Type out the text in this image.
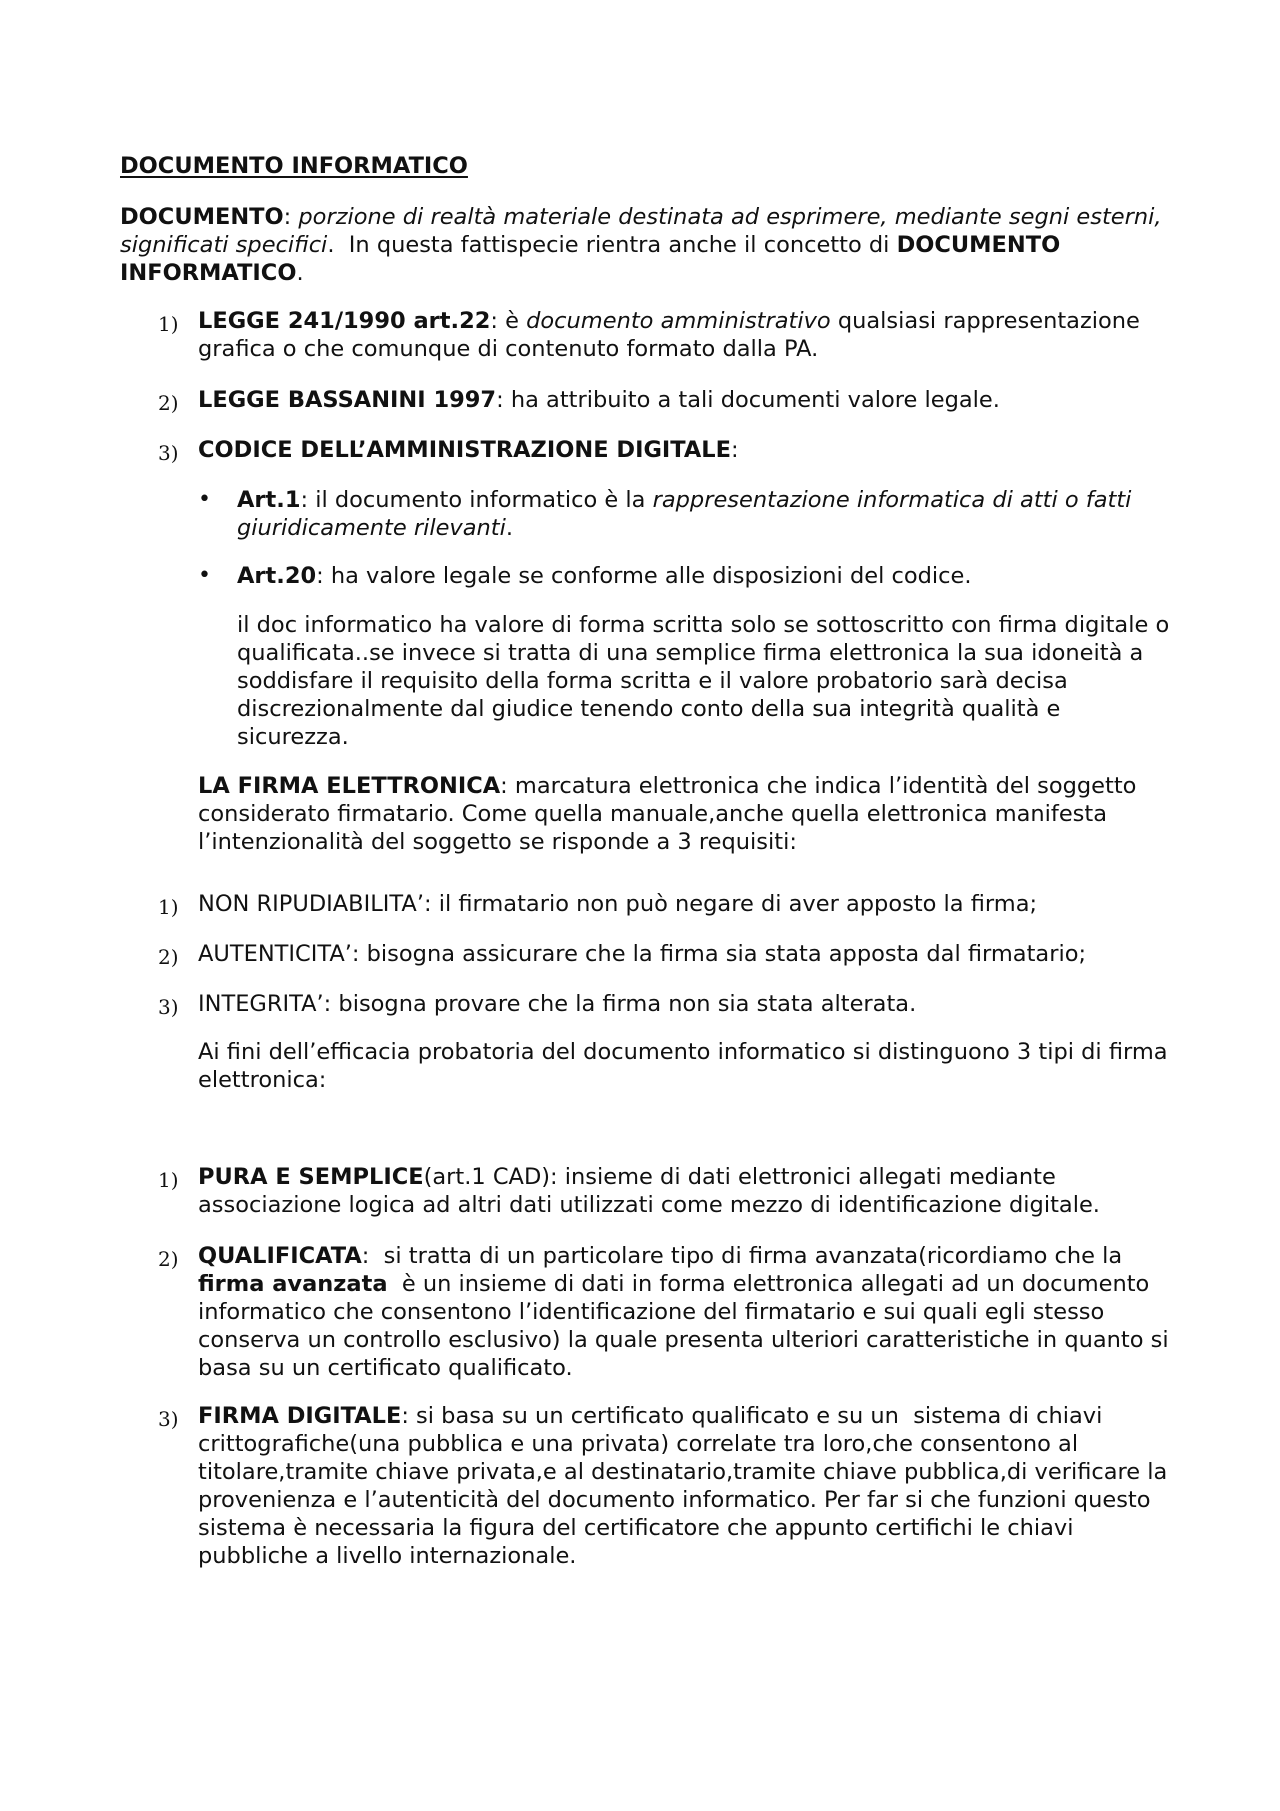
DOCUMENTO INFORMATICO
DOCUMENTO: porzione di realtà materiale destinata ad esprimere, mediante segni esterni, significati specifici.  In questa fattispecie rientra anche il concetto di DOCUMENTO INFORMATICO.
1) LEGGE 241/1990 art.22: è documento amministrativo qualsiasi rappresentazione grafica o che comunque di contenuto formato dalla PA.
2) LEGGE BASSANINI 1997: ha attribuito a tali documenti valore legale.
3) CODICE DELL’AMMINISTRAZIONE DIGITALE:
•	Art.1: il documento informatico è la rappresentazione informatica di atti o fatti giuridicamente rilevanti.
•	Art.20: ha valore legale se conforme alle disposizioni del codice.
il doc informatico ha valore di forma scritta solo se sottoscritto con firma digitale o qualificata..se invece si tratta di una semplice firma elettronica la sua idoneità a soddisfare il requisito della forma scritta e il valore probatorio sarà decisa discrezionalmente dal giudice tenendo conto della sua integrità qualità e sicurezza.
LA FIRMA ELETTRONICA: marcatura elettronica che indica l’identità del soggetto considerato firmatario. Come quella manuale,anche quella elettronica manifesta l’intenzionalità del soggetto se risponde a 3 requisiti:
1) NON RIPUDIABILITA’: il firmatario non può negare di aver apposto la firma;
2) AUTENTICITA’: bisogna assicurare che la firma sia stata apposta dal firmatario;
3) INTEGRITA’: bisogna provare che la firma non sia stata alterata.
Ai fini dell’efficacia probatoria del documento informatico si distinguono 3 tipi di firma elettronica:
1) PURA E SEMPLICE(art.1 CAD): insieme di dati elettronici allegati mediante associazione logica ad altri dati utilizzati come mezzo di identificazione digitale.
2) QUALIFICATA:  si tratta di un particolare tipo di firma avanzata(ricordiamo che la firma avanzata  è un insieme di dati in forma elettronica allegati ad un documento informatico che consentono l’identificazione del firmatario e sui quali egli stesso conserva un controllo esclusivo) la quale presenta ulteriori caratteristiche in quanto si basa su un certificato qualificato.
3) FIRMA DIGITALE: si basa su un certificato qualificato e su un  sistema di chiavi crittografiche(una pubblica e una privata) correlate tra loro,che consentono al titolare,tramite chiave privata,e al destinatario,tramite chiave pubblica,di verificare la provenienza e l’autenticità del documento informatico. Per far si che funzioni questo sistema è necessaria la figura del certificatore che appunto certifichi le chiavi pubbliche a livello internazionale.
